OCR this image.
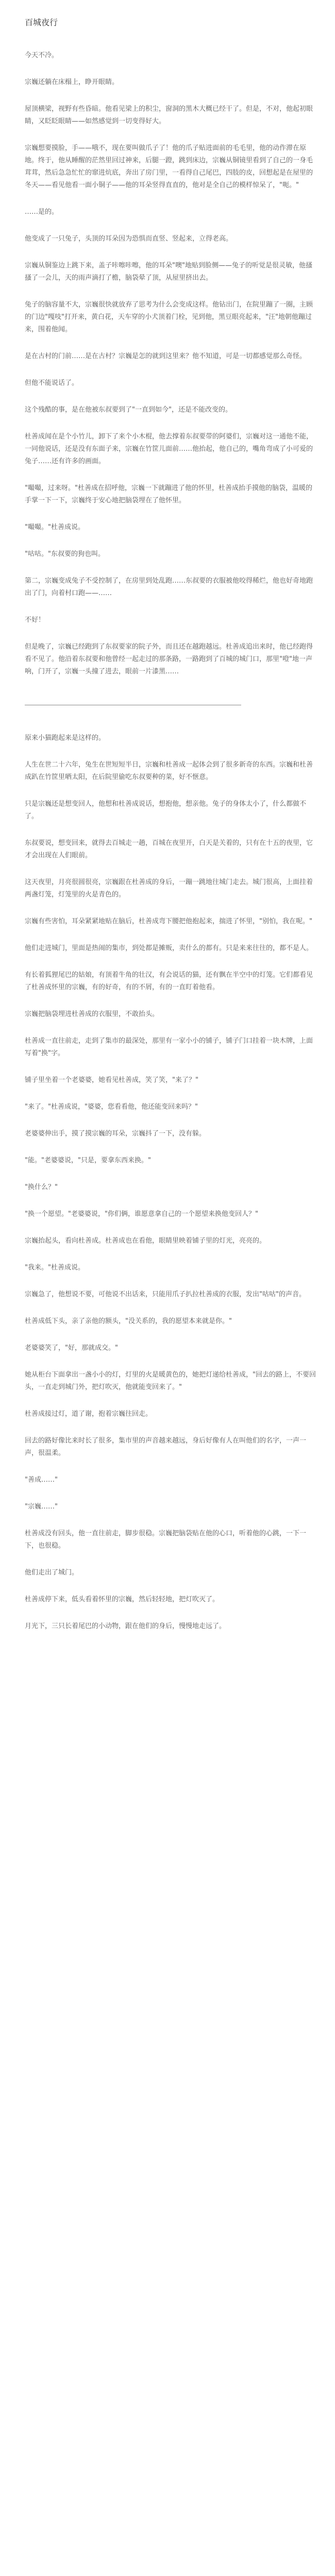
百城夜行

今天不冷。

宗巍还躺在床榻上，睁开眼睛。

屋顶横梁，视野有些昏暗。他看见梁上的积尘，窗洞的黑木大概已经干了。但是，不对，他起初眼睛，又眨眨眼睛——如然感觉到一切变得好大。

宗巍想要摸脸，手——哦不，现在要叫做爪子了！他的爪子贴进面前的毛毛里，他的动作滞在原地。终于，他从睡醒的茫然里回过神来，后腿一蹬，跳到床边，宗巍从铜镜里看到了自己的一身毛茸茸，然后急急忙忙的窜进炕底，奔出了房门里，一看得自己尾巴，四肢的皮，回想起是在屋里的冬天——看见他看一面小铜子——他的耳朵竖得直直的，他对是全自己的模样惊呆了，"呃。"

……是的。

他变成了一只兔子，头顶的耳朵因为恐惧而直竖、竖起来，立得老高。

宗巍从铜鉴边上跳下来，盖子咔嚓咔嚓，他的耳朵"噢"地贴到脸侧——兔子的听觉是很灵敏，他搔搔了一会儿，天的雨声滴打了檐，脑袋晕了顶，从屋里挤出去。

兔子的脑容量不大，宗巍很快就放弃了思考为什么会变成这样。他钻出门，在院里蹦了一圈，主顾的门边"嘎吱"打开来，黄白花，天车穿的小犬顶着门栓，见到他，黑豆眼亮起来，"汪"地朝他蹦过来，围着他闻。

是在古村的门前……是在古村？宗巍是怎的就到这里来？他不知道，可是一切都感觉那么奇怪。

但他不能说话了。

这个残酷的事，是在他被东叔要到了"一直到如今"，还是不能改变的。

杜善成闻在是个小竹儿，卸下了来个小木棍，他去撑着东叔要带的阿婆们，宗巍对这一通他不能，一同他说话，还是没有东面子来，宗巍在竹筐儿面前……他抬起，他自己的，嘴角弯成了小可爱的兔子……还有许多的画面。

"嘬嘬，过来呀。"杜善成在招呼他，宗巍一下就蹦进了他的怀里，杜善成抬手摸他的脑袋，温暖的手掌一下一下，宗巍终于安心地把脑袋埋在了他怀里。

"嘬嘬。"杜善成说。

"咕咕。"东叔要的狗也叫。

第二，宗巍变成兔子不受控制了，在房里到处乱跑……东叔要的衣服被他咬得稀烂，他也好奇地跑出了门，向着村口跑——……

不好！

但是晚了，宗巍已经跑到了东叔要家的院子外，而且还在越跑越远。杜善成追出来时，他已经跑得看不见了。他沿着东叔要和他曾经一起走过的那条路，一路跑到了百城的城门口，那里"噔"地一声响，门开了，宗巍一头撞了进去，眼前一片漆黑……

原来小猫跑起来是这样的。

人生在世二十六年，兔生在世短短半日，宗巍和杜善成一起体会到了很多新奇的东西。宗巍和杜善成趴在竹筐里晒太阳，在后院里偷吃东叔要种的菜，好不惬意。

只是宗巍还是想变回人，他想和杜善成说话，想抱他，想亲他。兔子的身体太小了，什么都做不了。

东叔要说，想变回来，就得去百城走一趟，百城在夜里开，白天是关着的，只有在十五的夜里，它才会出现在人们眼前。

这天夜里，月亮很圆很亮，宗巍跟在杜善成的身后，一蹦一跳地往城门走去。城门很高，上面挂着两盏灯笼，灯笼里的火是青色的。

宗巍有些害怕，耳朵紧紧地贴在脑后，杜善成弯下腰把他抱起来，揣进了怀里，"别怕，我在呢。"

他们走进城门，里面是热闹的集市，到处都是摊贩，卖什么的都有。只是来来往往的，都不是人。

有长着狐狸尾巴的姑娘，有顶着牛角的壮汉，有会说话的猫，还有飘在半空中的灯笼。它们都看见了杜善成怀里的宗巍，有的好奇，有的不屑，有的一直盯着他看。

宗巍把脑袋埋进杜善成的衣服里，不敢抬头。

杜善成一直往前走，走到了集市的最深处，那里有一家小小的铺子，铺子门口挂着一块木牌，上面写着"换"字。

铺子里坐着一个老婆婆，她看见杜善成，笑了笑，"来了？"

"来了。"杜善成说，"婆婆，您看看他，他还能变回来吗？"

老婆婆伸出手，摸了摸宗巍的耳朵，宗巍抖了一下，没有躲。

"能。"老婆婆说，"只是，要拿东西来换。"

"换什么？"

"换一个愿望。"老婆婆说，"你们俩，谁愿意拿自己的一个愿望来换他变回人？"

宗巍抬起头，看向杜善成。杜善成也在看他，眼睛里映着铺子里的灯光，亮亮的。

"我来。"杜善成说。

宗巍急了，他想说不要，可他说不出话来，只能用爪子扒拉杜善成的衣服，发出"咕咕"的声音。

杜善成低下头，亲了亲他的额头，"没关系的，我的愿望本来就是你。"

老婆婆笑了，"好，那就成交。"

她从柜台下面拿出一盏小小的灯，灯里的火是暖黄色的，她把灯递给杜善成，"回去的路上，不要回头，一直走到城门外，把灯吹灭，他就能变回来了。"

杜善成接过灯，道了谢，抱着宗巍往回走。

回去的路好像比来时长了很多，集市里的声音越来越远，身后好像有人在叫他们的名字，一声一声，很温柔。

"善成……"

"宗巍……"

杜善成没有回头，他一直往前走，脚步很稳。宗巍把脑袋贴在他的心口，听着他的心跳，一下一下，也很稳。

他们走出了城门。

杜善成停下来，低头看着怀里的宗巍，然后轻轻地，把灯吹灭了。

月光下，三只长着尾巴的小动物，跟在他们的身后，慢慢地走远了。
